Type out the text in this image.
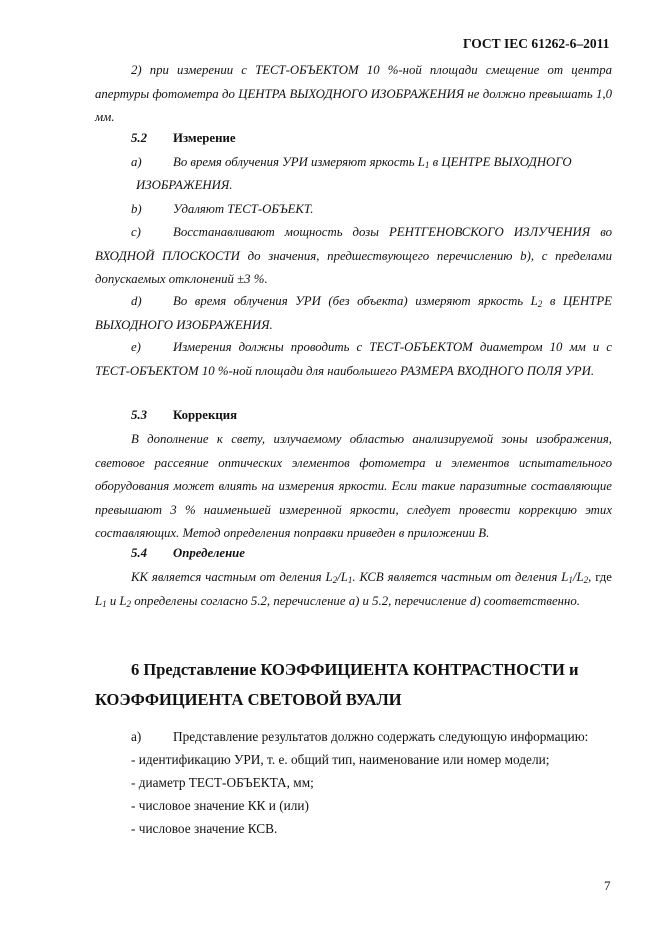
ГОСТ IEC 61262-6–2011
2) при измерении с ТЕСТ-ОБЪЕКТОМ 10 %-ной площади смещение от центра апертуры фотометра до ЦЕНТРА ВЫХОДНОГО ИЗОБРАЖЕНИЯ не должно превышать 1,0 мм.
5.2 Измерение
a) Во время облучения УРИ измеряют яркость $L_1$ в ЦЕНТРЕ ВЫХОДНОГО
ИЗОБРАЖЕНИЯ.
b) Удаляют ТЕСТ-ОБЪЕКТ.
Восстанавливают мощность дозы РЕНТГЕНОВСКОГО ИЗЛУЧЕНИЯ во ВХОДНОЙ ПЛОСКОСТИ до значения, предшествующего перечислению b), с пределами допускаемых отклонений ±3 %.
c)
Во время облучения УРИ (без объекта) измеряют яркость $L_2$ в ЦЕНТРЕ ВЫХОДНОГО ИЗОБРАЖЕНИЯ.
d)
Измерения должны проводить с ТЕСТ-ОБЪЕКТОМ диаметром 10 мм и с ТЕСТ-ОБЪЕКТОМ 10 %-ной площади для наибольшего РАЗМЕРА ВХОДНОГО ПОЛЯ УРИ.
e)
5.3 Коррекция
В дополнение к свету, излучаемому областью анализируемой зоны изображения, световое рассеяние оптических элементов фотометра и элементов испытательного оборудования может влиять на измерения яркости. Если такие паразитные составляющие превышают 3 % наименьшей измеренной яркости, следует провести коррекцию этих составляющих. Метод определения поправки приведен в приложении В.
5.4 Определение
КК является частным от деления $L_2/L_1$. КСВ является частным от деления $L_1/L_2$, где $L_1$ и $L_2$ определены согласно 5.2, перечисление a) и 5.2, перечисление d) соответственно.
6 Представление КОЭФФИЦИЕНТА КОНТРАСТНОСТИ и
КОЭФФИЦИЕНТА СВЕТОВОЙ ВУАЛИ
а) Представление результатов должно содержать следующую информацию:
- идентификацию УРИ, т. е. общий тип, наименование или номер модели;
- диаметр ТЕСТ-ОБЪЕКТА, мм;
- числовое значение КК и (или)
- числовое значение КСВ.
7
